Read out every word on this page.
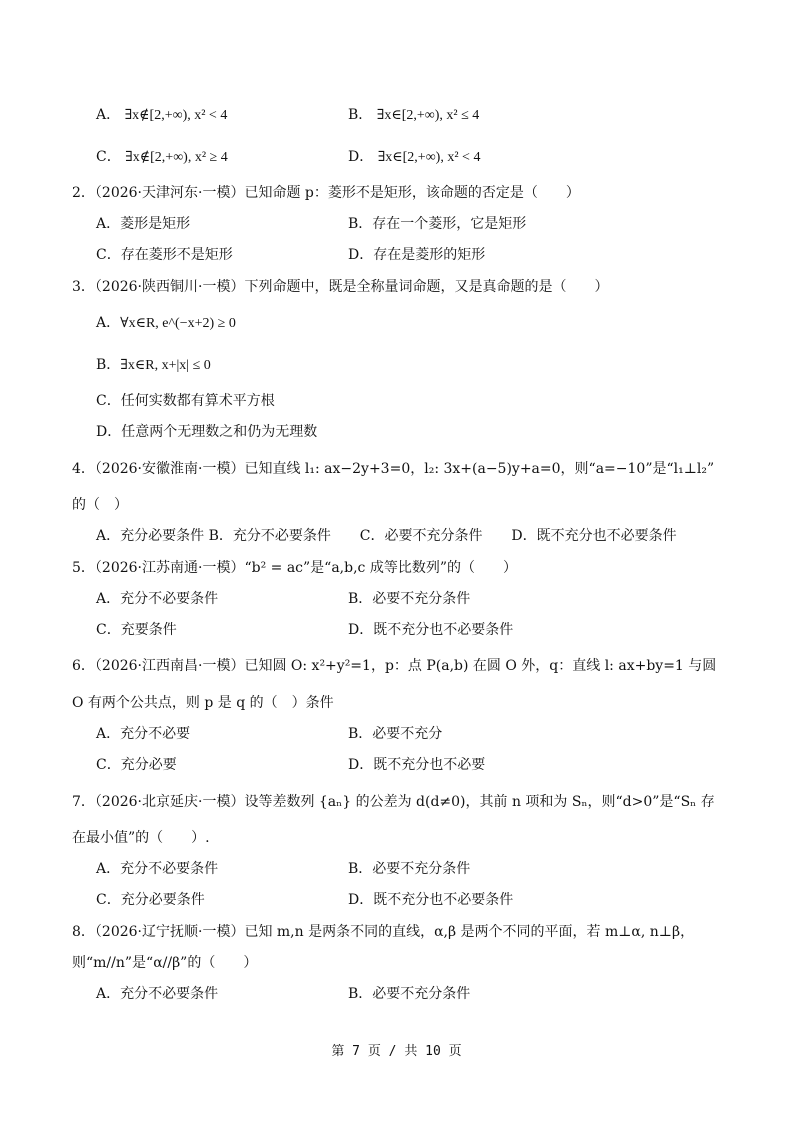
A． ∃x∉[2,+∞), x² < 4	B． ∃x∈[2,+∞), x² ≤ 4
C． ∃x∉[2,+∞), x² ≥ 4	D． ∃x∈[2,+∞), x² < 4
2．（2026·天津河东·一模）已知命题 p：菱形不是矩形，该命题的否定是（　　）
A．菱形是矩形	B．存在一个菱形，它是矩形
C．存在菱形不是矩形	D．存在是菱形的矩形
3．（2026·陕西铜川·一模）下列命题中，既是全称量词命题，又是真命题的是（　　）
A．∀x∈R, e^(−x+2) ≥ 0
B．∃x∈R, x+|x| ≤ 0
C．任何实数都有算术平方根
D．任意两个无理数之和仍为无理数
4．（2026·安徽淮南·一模）已知直线 l₁: ax−2y+3=0，l₂: 3x+(a−5)y+a=0，则“a=−10”是“l₁⊥l₂”
的（　）
A．充分必要条件 B．充分不必要条件 C．必要不充分条件 D．既不充分也不必要条件
5．（2026·江苏南通·一模）“b² = ac”是“a,b,c 成等比数列”的（　　）
A．充分不必要条件	B．必要不充分条件
C．充要条件	D．既不充分也不必要条件
6．（2026·江西南昌·一模）已知圆 O: x²+y²=1，p：点 P(a,b) 在圆 O 外，q：直线 l: ax+by=1 与圆
O 有两个公共点，则 p 是 q 的（　）条件
A．充分不必要	B．必要不充分
C．充分必要	D．既不充分也不必要
7．（2026·北京延庆·一模）设等差数列 {aₙ} 的公差为 d(d≠0)，其前 n 项和为 Sₙ，则“d>0”是“Sₙ 存
在最小值”的（　　）.
A．充分不必要条件	B．必要不充分条件
C．充分必要条件	D．既不充分也不必要条件
8．（2026·辽宁抚顺·一模）已知 m,n 是两条不同的直线，α,β 是两个不同的平面，若 m⊥α, n⊥β，
则“m//n”是“α//β”的（　　）
A．充分不必要条件	B．必要不充分条件
第 7 页 / 共 10 页
